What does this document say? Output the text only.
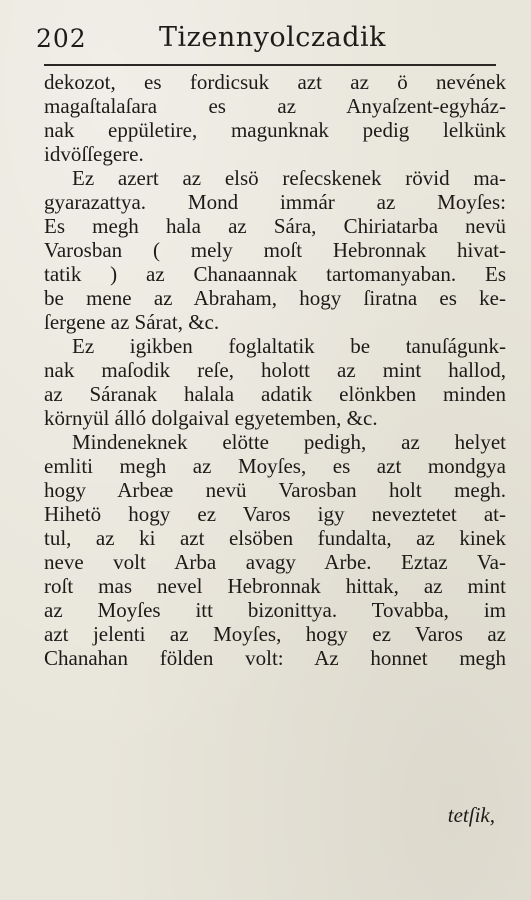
202	Tizennyolczadik
dekozot, es fordicsuk azt az ö nevének
magaſtalaſara es az Anyaſzent-egyház-
nak eppületire, magunknak pedig lelkünk
idvöſſegere.
Ez azert az elsö reſecskenek rövid ma-
gyarazattya. Mond immár az Moyſes:
Es megh hala az Sára, Chiriatarba nevü
Varosban ( mely moſt Hebronnak hivat-
tatik ) az Chanaannak tartomanyaban. Es
be mene az Abraham, hogy ſiratna es ke-
ſergene az Sárat, &c.
Ez igikben foglaltatik be tanuſágunk-
nak maſodik reſe, holott az mint hallod,
az Sáranak halala adatik elönkben minden
környül álló dolgaival egyetemben, &c.
Mindeneknek elötte pedigh, az helyet
emliti megh az Moyſes, es azt mondgya
hogy Arbeæ nevü Varosban holt megh.
Hihetö hogy ez Varos igy neveztetet at-
tul, az ki azt elsöben fundalta, az kinek
neve volt Arba avagy Arbe. Eztaz Va-
roſt mas nevel Hebronnak hittak, az mint
az Moyſes itt bizonittya. Tovabba, im
azt jelenti az Moyſes, hogy ez Varos az
Chanahan földen volt: Az honnet megh
tetſik,
